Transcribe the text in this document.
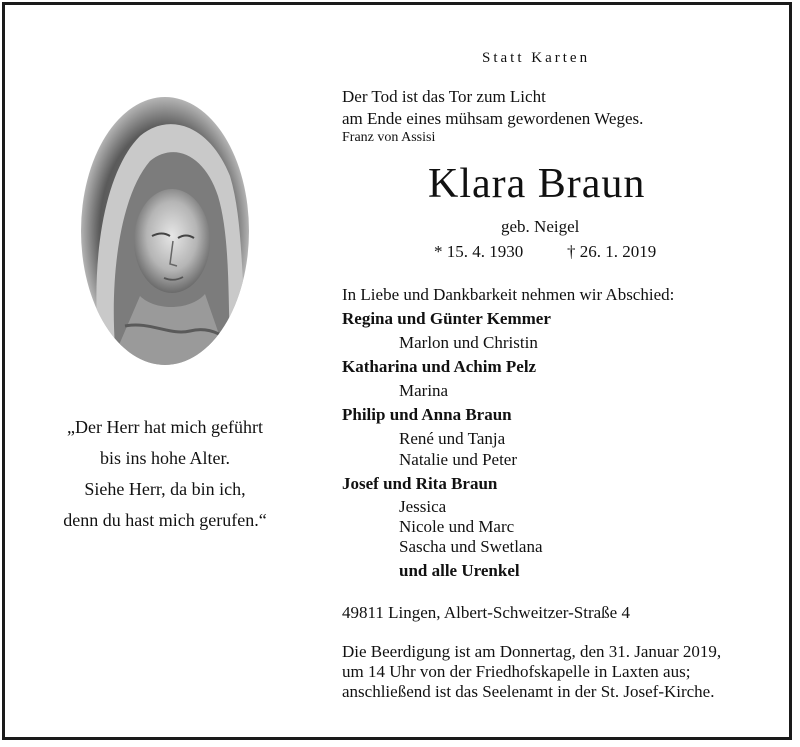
Statt Karten
Der Tod ist das Tor zum Licht
am Ende eines mühsam gewordenen Weges.
Franz von Assisi
Klara Braun
geb. Neigel
* 15. 4. 1930	† 26. 1. 2019
In Liebe und Dankbarkeit nehmen wir Abschied:
Regina und Günter Kemmer
Marlon und Christin
Katharina und Achim Pelz
Marina
Philip und Anna Braun
René und Tanja
Natalie und Peter
Josef und Rita Braun
Jessica
Nicole und Marc
Sascha und Swetlana
und alle Urenkel
„Der Herr hat mich geführt
bis ins hohe Alter.
Siehe Herr, da bin ich,
denn du hast mich gerufen.“
49811 Lingen, Albert-Schweitzer-Straße 4
Die Beerdigung ist am Donnertag, den 31. Januar 2019,
um 14 Uhr von der Friedhofskapelle in Laxten aus;
anschließend ist das Seelenamt in der St. Josef-Kirche.
